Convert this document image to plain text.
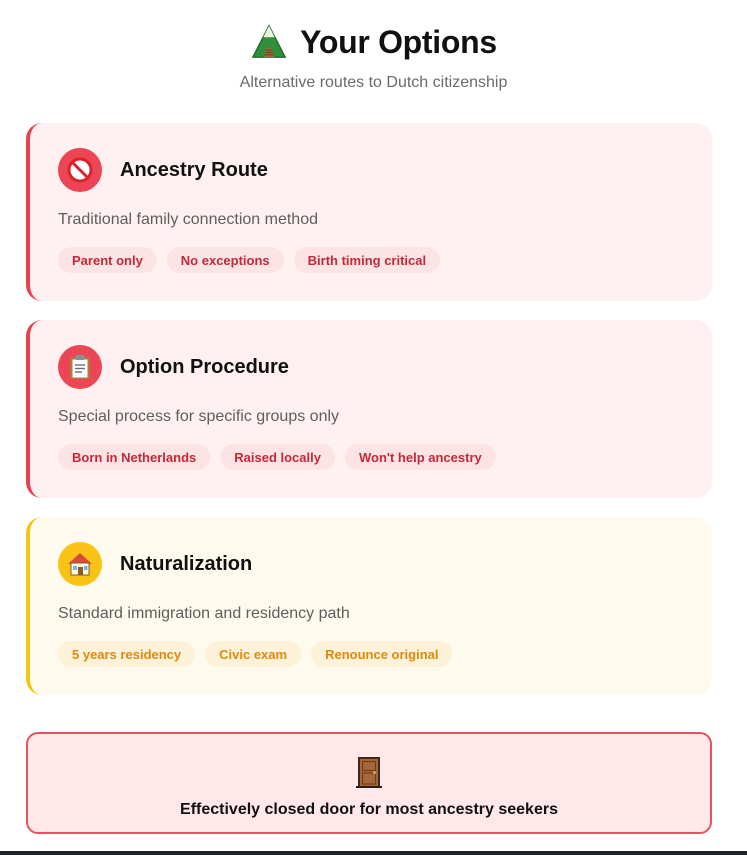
Your Options

Alternative routes to Dutch citizenship

Ancestry Route
Traditional family connection method
Parent only	No exceptions	Birth timing critical
Option Procedure
Special process for specific groups only
Born in Netherlands	Raised locally	Won't help ancestry
Naturalization
Standard immigration and residency path
5 years residency	Civic exam	Renounce original
Effectively closed door for most ancestry seekers
